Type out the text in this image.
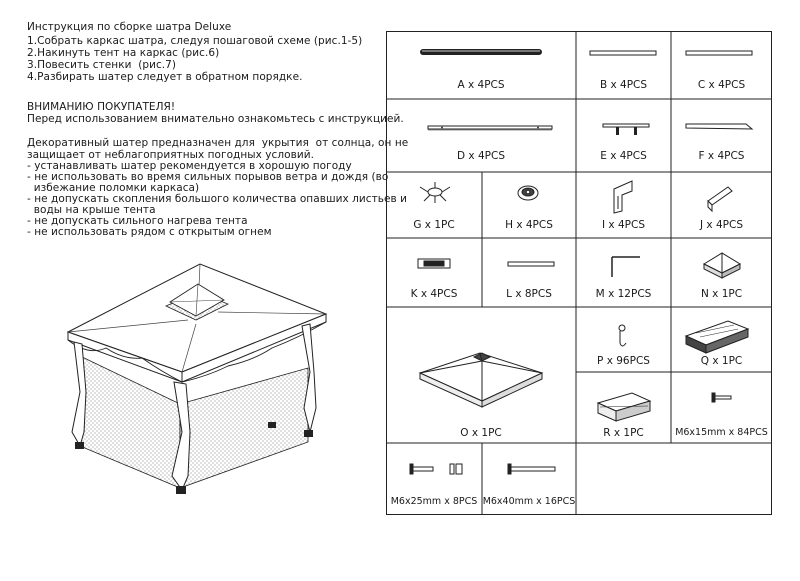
Инструкция по сборке шатра Deluxe
1.Собрать каркас шатра, следуя пошаговой схеме (рис.1-5)
2.Накинуть тент на каркас (рис.6)
3.Повесить стенки  (рис.7)
4.Разбирать шатер следует в обратном порядке.
ВНИМАНИЮ ПОКУПАТЕЛЯ!
Перед использованием внимательно ознакомьтесь с инструкцией.
Декоративный шатер предназначен для  укрытия  от солнца, он не
защищает от неблагоприятных погодных условий.
- устанавливать шатер рекомендуется в хорошую погоду
- не использовать во время сильных порывов ветра и дождя (во
избежание поломки каркаса)
- не допускать скопления большого количества опавших листьев и
воды на крыше тента
- не допускать сильного нагрева тента
- не использовать рядом с открытым огнем
A x 4PCS	B x 4PCS	C x 4PCS
D x 4PCS	E x 4PCS	F x 4PCS
G x 1PC	H x 4PCS	I x 4PCS	J x 4PCS
K x 4PCS	L x 8PCS	M x 12PCS	N x 1PC
O x 1PC
P x 96PCS	Q x 1PC
R x 1PC	M6x15mm x 84PCS
M6x25mm x 8PCS M6x40mm x 16PCS
